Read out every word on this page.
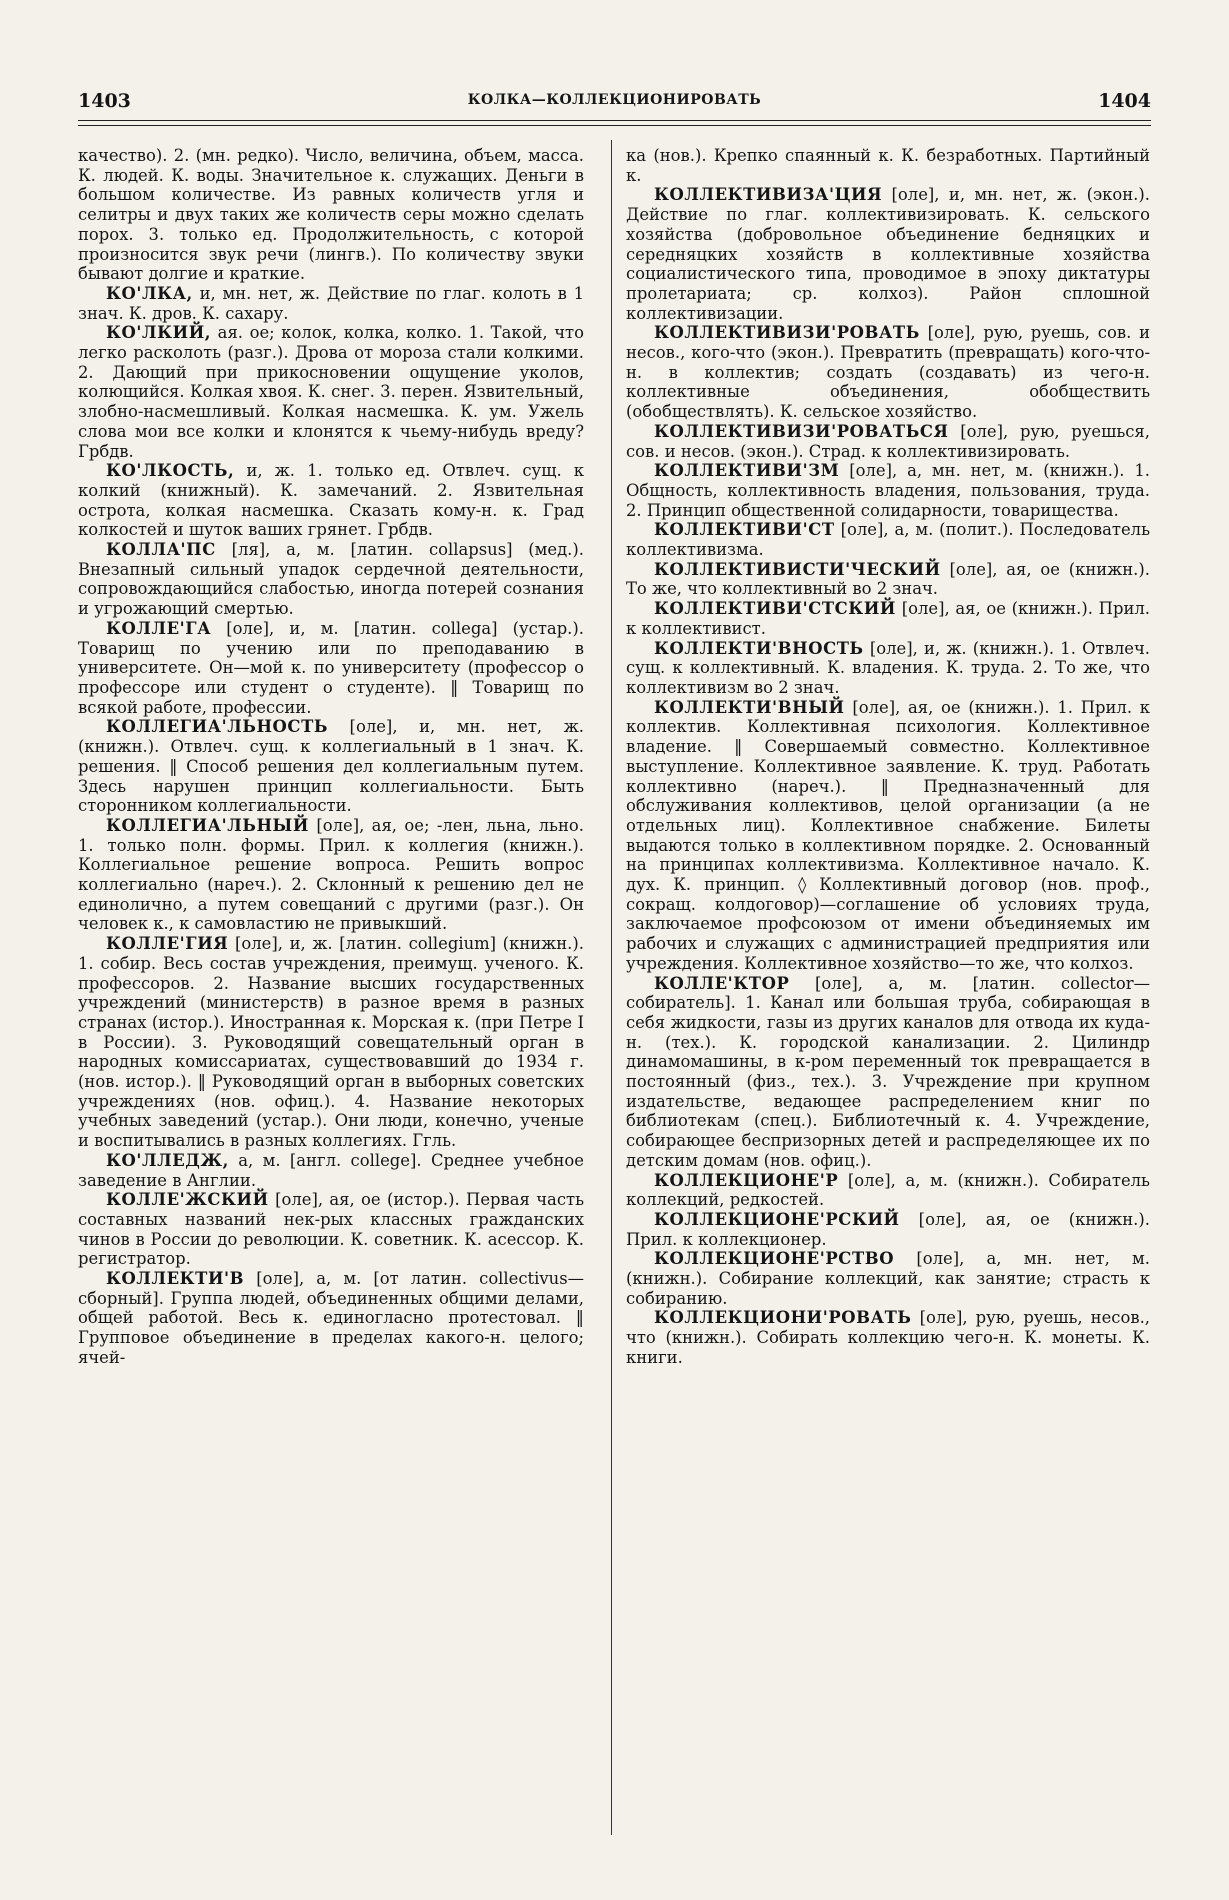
1403	КОЛКА—КОЛЛЕКЦИОНИРОВАТЬ	1404

качество). 2. (мн. редко). Число, величина, объем, масса. К. людей. К. воды. Значительное к. служащих. Деньги в большом количестве. Из равных количеств угля и селитры и двух таких же количеств серы можно сделать порох. 3. только ед. Продолжительность, с которой произносится звук речи (лингв.). По количеству звуки бывают долгие и краткие.

КО'ЛКА, и, мн. нет, ж. Действие по глаг. колоть в 1 знач. К. дров. К. сахару.

КО'ЛКИЙ, ая. ое; колок, колка, колко. 1. Такой, что легко расколоть (разг.). Дрова от мороза стали колкими. 2. Дающий при прикосновении ощущение уколов, колющийся. Колкая хвоя. К. снег. 3. перен. Язвительный, злобно-насмешливый. Колкая насмешка. К. ум. Ужель слова мои все колки и клонятся к чьему-нибудь вреду? Грбдв.

КО'ЛКОСТЬ, и, ж. 1. только ед. Отвлеч. сущ. к колкий (книжный). К. замечаний. 2. Язвительная острота, колкая насмешка. Сказать кому-н. к. Град колкостей и шуток ваших грянет. Грбдв.

КОЛЛА'ПС [ля], а, м. [латин. collapsus] (мед.). Внезапный сильный упадок сердечной деятельности, сопровождающийся слабостью, иногда потерей сознания и угрожающий смертью.

КОЛЛЕ'ГА [оле], и, м. [латин. collega] (устар.). Товарищ по учению или по преподаванию в университете. Он—мой к. по университету (профессор о профессоре или студент о студенте). ‖ Товарищ по всякой работе, профессии.

КОЛЛЕГИА'ЛЬНОСТЬ [оле], и, мн. нет, ж. (книжн.). Отвлеч. сущ. к коллегиальный в 1 знач. К. решения. ‖ Способ решения дел коллегиальным путем. Здесь нарушен принцип коллегиальности. Быть сторонником коллегиальности.

КОЛЛЕГИА'ЛЬНЫЙ [оле], ая, ое; -лен, льна, льно. 1. только полн. формы. Прил. к коллегия (книжн.). Коллегиальное решение вопроса. Решить вопрос коллегиально (нареч.). 2. Склонный к решению дел не единолично, а путем совещаний с другими (разг.). Он человек к., к самовластию не привыкший.

КОЛЛЕ'ГИЯ [оле], и, ж. [латин. collegium] (книжн.). 1. собир. Весь состав учреждения, преимущ. ученого. К. профессоров. 2. Название высших государственных учреждений (министерств) в разное время в разных странах (истор.). Иностранная к. Морская к. (при Петре I в России). 3. Руководящий совещательный орган в народных комиссариатах, существовавший до 1934 г. (нов. истор.). ‖ Руководящий орган в выборных советских учреждениях (нов. офиц.). 4. Название некоторых учебных заведений (устар.). Они люди, конечно, ученые и воспитывались в разных коллегиях. Ггль.

КО'ЛЛЕДЖ, а, м. [англ. college]. Среднее учебное заведение в Англии.

КОЛЛЕ'ЖСКИЙ [оле], ая, ое (истор.). Первая часть составных названий нек-рых классных гражданских чинов в России до революции. К. советник. К. асессор. К. регистратор.

КОЛЛЕКТИ'В [оле], а, м. [от латин. collectivus—сборный]. Группа людей, объединенных общими делами, общей работой. Весь к. единогласно протестовал. ‖ Групповое объединение в пределах какого-н. целого; ячей-

ка (нов.). Крепко спаянный к. К. безработных. Партийный к.

КОЛЛЕКТИВИЗА'ЦИЯ [оле], и, мн. нет, ж. (экон.). Действие по глаг. коллективизировать. К. сельского хозяйства (добровольное объединение бедняцких и середняцких хозяйств в коллективные хозяйства социалистического типа, проводимое в эпоху диктатуры пролетариата; ср. колхоз). Район сплошной коллективизации.

КОЛЛЕКТИВИЗИ'РОВАТЬ [оле], рую, руешь, сов. и несов., кого-что (экон.). Превратить (превращать) кого-что-н. в коллектив; создать (создавать) из чего-н. коллективные объединения, обобществить (обобществлять). К. сельское хозяйство.

КОЛЛЕКТИВИЗИ'РОВАТЬСЯ [оле], рую, руешься, сов. и несов. (экон.). Страд. к коллективизировать.

КОЛЛЕКТИВИ'ЗМ [оле], а, мн. нет, м. (книжн.). 1. Общность, коллективность владения, пользования, труда. 2. Принцип общественной солидарности, товарищества.

КОЛЛЕКТИВИ'СТ [оле], а, м. (полит.). Последователь коллективизма.

КОЛЛЕКТИВИСТИ'ЧЕСКИЙ [оле], ая, ое (книжн.). То же, что коллективный во 2 знач.

КОЛЛЕКТИВИ'СТСКИЙ [оле], ая, ое (книжн.). Прил. к коллективист.

КОЛЛЕКТИ'ВНОСТЬ [оле], и, ж. (книжн.). 1. Отвлеч. сущ. к коллективный. К. владения. К. труда. 2. То же, что коллективизм во 2 знач.

КОЛЛЕКТИ'ВНЫЙ [оле], ая, ое (книжн.). 1. Прил. к коллектив. Коллективная психология. Коллективное владение. ‖ Совершаемый совместно. Коллективное выступление. Коллективное заявление. К. труд. Работать коллективно (нареч.). ‖ Предназначенный для обслуживания коллективов, целой организации (а не отдельных лиц). Коллективное снабжение. Билеты выдаются только в коллективном порядке. 2. Основанный на принципах коллективизма. Коллективное начало. К. дух. К. принцип. ◊ Коллективный договор (нов. проф., сокращ. колдоговор)—соглашение об условиях труда, заключаемое профсоюзом от имени объединяемых им рабочих и служащих с администрацией предприятия или учреждения. Коллективное хозяйство—то же, что колхоз.

КОЛЛЕ'КТОР [оле], а, м. [латин. collector—собиратель]. 1. Канал или большая труба, собирающая в себя жидкости, газы из других каналов для отвода их куда-н. (тех.). К. городской канализации. 2. Цилиндр динамомашины, в к-ром переменный ток превращается в постоянный (физ., тех.). 3. Учреждение при крупном издательстве, ведающее распределением книг по библиотекам (спец.). Библиотечный к. 4. Учреждение, собирающее беспризорных детей и распределяющее их по детским домам (нов. офиц.).

КОЛЛЕКЦИОНЕ'Р [оле], а, м. (книжн.). Собиратель коллекций, редкостей.

КОЛЛЕКЦИОНЕ'РСКИЙ [оле], ая, ое (книжн.). Прил. к коллекционер.

КОЛЛЕКЦИОНЕ'РСТВО [оле], а, мн. нет, м. (книжн.). Собирание коллекций, как занятие; страсть к собиранию.

КОЛЛЕКЦИОНИ'РОВАТЬ [оле], рую, руешь, несов., что (книжн.). Собирать коллекцию чего-н. К. монеты. К. книги.
